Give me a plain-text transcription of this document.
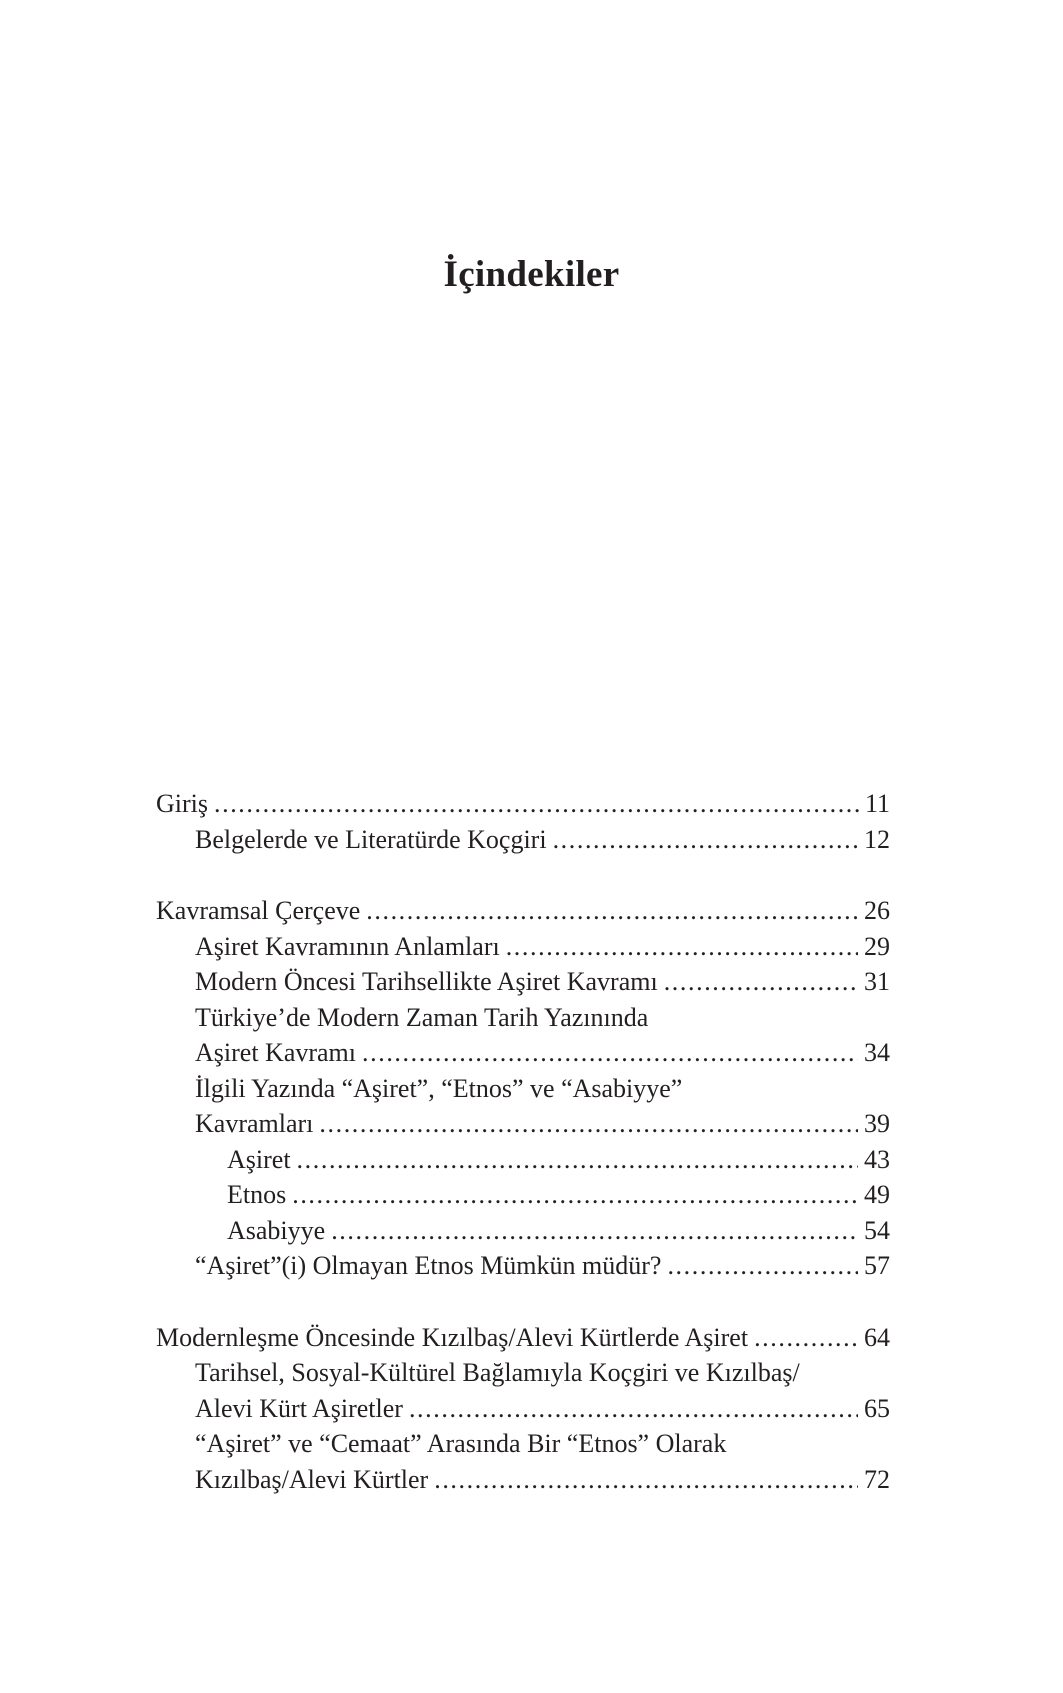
İçindekiler
Giriş .....	11
Belgelerde ve Literatürde Koçgiri .....	12
Kavramsal Çerçeve .....	26
Aşiret Kavramının Anlamları .....	29
Modern Öncesi Tarihsellikte Aşiret Kavramı .....	31
Türkiye’de Modern Zaman Tarih Yazınında
Aşiret Kavramı .....	34
İlgili Yazında “Aşiret”, “Etnos” ve “Asabiyye”
Kavramları .....	39
Aşiret .....	43
Etnos .....	49
Asabiyye .....	54
“Aşiret”(i) Olmayan Etnos Mümkün müdür? .....	57
Modernleşme Öncesinde Kızılbaş/Alevi Kürtlerde Aşiret .....	64
Tarihsel, Sosyal-Kültürel Bağlamıyla Koçgiri ve Kızılbaş/
Alevi Kürt Aşiretler .....	65
“Aşiret” ve “Cemaat” Arasında Bir “Etnos” Olarak
Kızılbaş/Alevi Kürtler .....	72
